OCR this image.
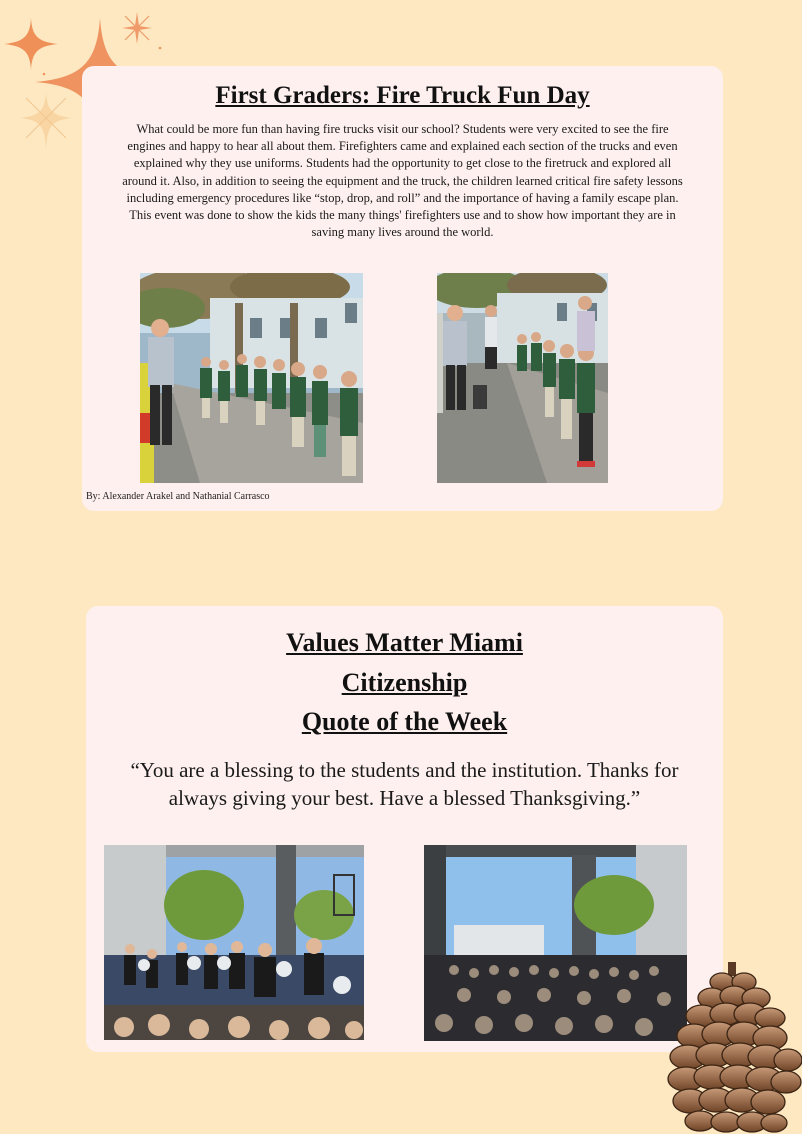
First Graders: Fire Truck Fun Day
What could be more fun than having fire trucks visit our school? Students were very excited to see the fire engines and happy to hear all about them. Firefighters came and explained each section of the trucks and even explained why they use uniforms. Students had the opportunity to get close to the firetruck and explored all around it. Also, in addition to seeing the equipment and the truck, the children learned critical fire safety lessons including emergency procedures like “stop, drop, and roll” and the importance of having a family escape plan. This event was done to show the kids the many things' firefighters use and to show how important they are in saving many lives around the world.
By: Alexander Arakel and Nathanial Carrasco
Values Matter Miami
Citizenship
Quote of the Week
“You are a blessing to the students and the institution. Thanks for always giving your best. Have a blessed Thanksgiving.”
